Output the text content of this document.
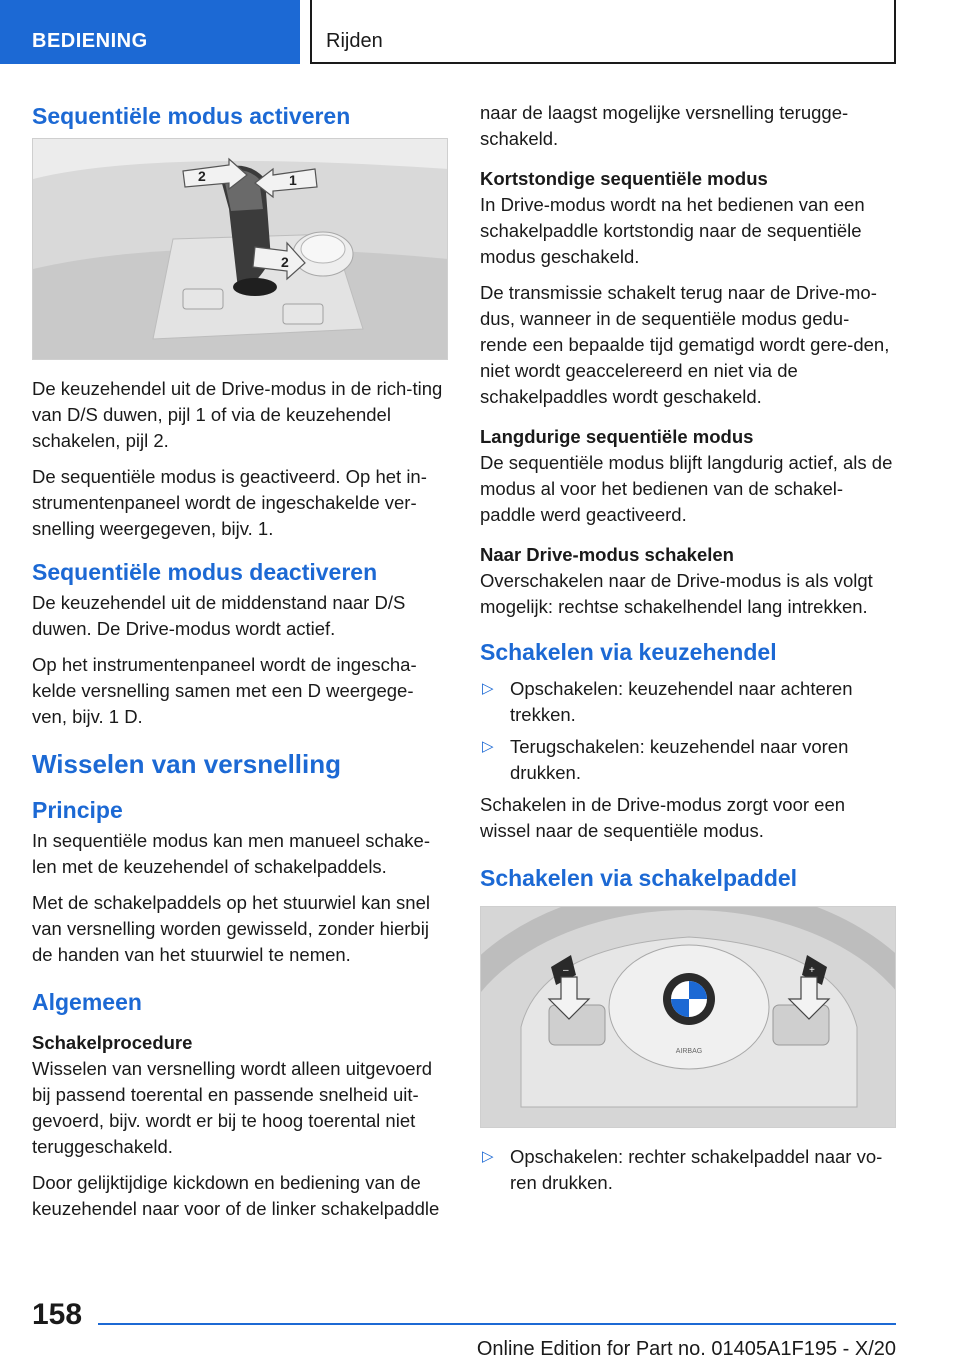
BEDIENING	Rijden
Sequentiële modus activeren
2	1
2

De keuzehendel uit de Drive-modus in de rich-ting van D/S duwen, pijl 1 of via de keuzehendel schakelen, pijl 2.

De sequentiële modus is geactiveerd. Op het in-strumentenpaneel wordt de ingeschakelde ver-snelling weergegeven, bijv. 1.

Sequentiële modus deactiveren

De keuzehendel uit de middenstand naar D/S duwen. De Drive-modus wordt actief.

Op het instrumentenpaneel wordt de ingescha-kelde versnelling samen met een D weergege-ven, bijv. 1 D.

Wisselen van versnelling
Principe

In sequentiële modus kan men manueel schake-len met de keuzehendel of schakelpaddels.

Met de schakelpaddels op het stuurwiel kan snel van versnelling worden gewisseld, zonder hierbij de handen van het stuurwiel te nemen.

Algemeen
Schakelprocedure

Wisselen van versnelling wordt alleen uitgevoerd bij passend toerental en passende snelheid uit-gevoerd, bijv. wordt er bij te hoog toerental niet teruggeschakeld.

Door gelijktijdige kickdown en bediening van de keuzehendel naar voor of de linker schakelpaddle

naar de laagst mogelijke versnelling terugge-schakeld.

Kortstondige sequentiële modus

In Drive-modus wordt na het bedienen van een schakelpaddle kortstondig naar de sequentiële modus geschakeld.

De transmissie schakelt terug naar de Drive-mo-dus, wanneer in de sequentiële modus gedu-rende een bepaalde tijd gematigd wordt gere-den, niet wordt geaccelereerd en niet via de schakelpaddles wordt geschakeld.

Langdurige sequentiële modus

De sequentiële modus blijft langdurig actief, als de modus al voor het bedienen van de schakel-paddle werd geactiveerd.

Naar Drive-modus schakelen

Overschakelen naar de Drive-modus is als volgt mogelijk: rechtse schakelhendel lang intrekken.

Schakelen via keuzehendel
▷ Opschakelen: keuzehendel naar achteren trekken.
▷ Terugschakelen: keuzehendel naar voren drukken.

Schakelen in de Drive-modus zorgt voor een wissel naar de sequentiële modus.

Schakelen via schakelpaddel
AIRBAG
–	+
▷ Opschakelen: rechter schakelpaddel naar vo-ren drukken.
158
Online Edition for Part no. 01405A1F195 - X/20
